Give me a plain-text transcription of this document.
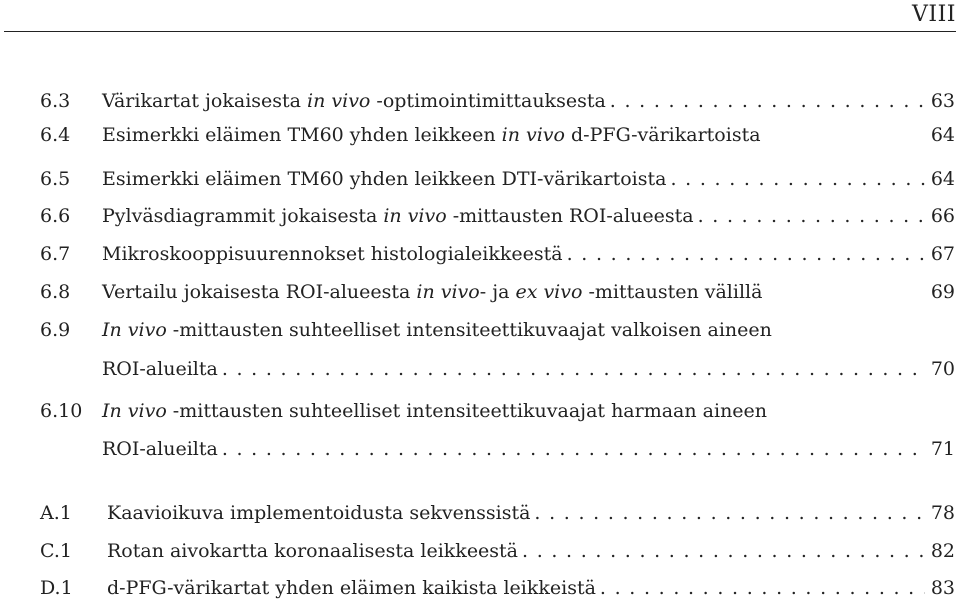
VIII
6.3 Värikartat jokaisesta in vivo -optimointimittauksesta . . .	63
6.4 Esimerkki eläimen TM60 yhden leikkeen in vivo d-PFG-värikartoista	64
6.5 Esimerkki eläimen TM60 yhden leikkeen DTI-värikartoista . . .	64
6.6 Pylväsdiagrammit jokaisesta in vivo -mittausten ROI-alueesta . . .	66
6.7 Mikroskooppisuurennokset histologialeikkeestä . . .	67
6.8 Vertailu jokaisesta ROI-alueesta in vivo- ja ex vivo -mittausten välillä	69
6.9 In vivo -mittausten suhteelliset intensiteettikuvaajat valkoisen aineen
ROI-alueilta . . .	70
6.10 In vivo -mittausten suhteelliset intensiteettikuvaajat harmaan aineen
ROI-alueilta . . .	71
A.1 Kaavioikuva implementoidusta sekvenssistä . . .	78
C.1 Rotan aivokartta koronaalisesta leikkeestä . . .	82
D.1 d-PFG-värikartat yhden eläimen kaikista leikkeistä . . .	83
